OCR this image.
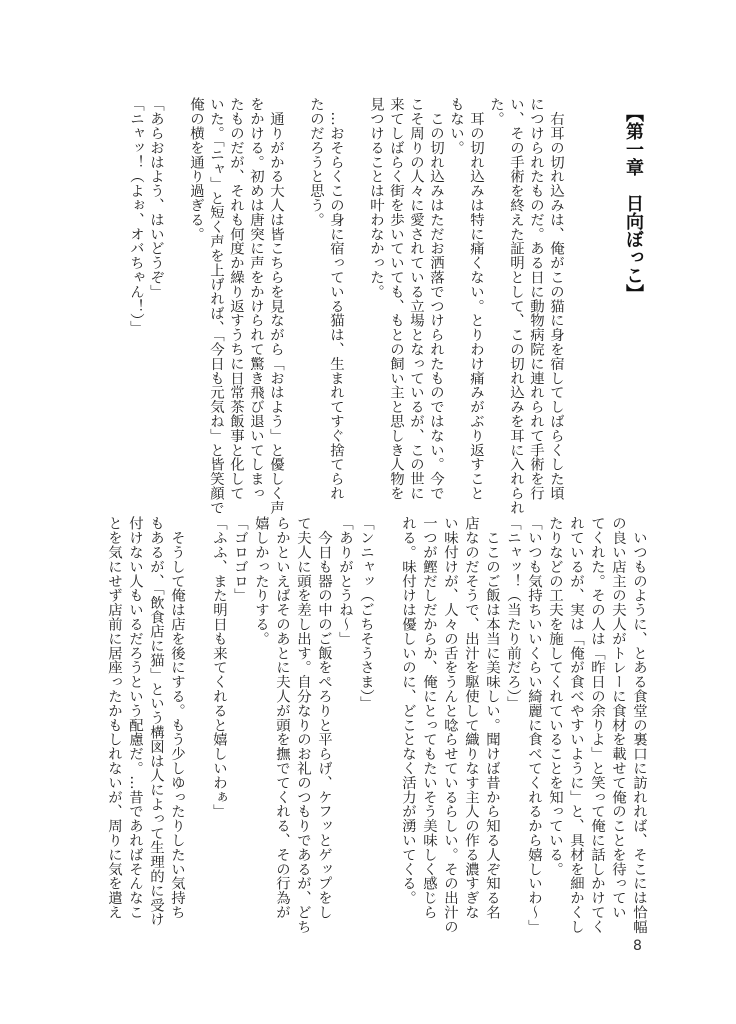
【第一章　日向ぼっこ】
　右耳の切れ込みは、俺がこの猫に身を宿してしばらくした頃
につけられたものだ。ある日に動物病院に連れられて手術を行
い、その手術を終えた証明として、この切れ込みを耳に入れられ
た。
　耳の切れ込みは特に痛くない。とりわけ痛みがぶり返すこと
もない。
　この切れ込みはただお洒落でつけられたものではない。今で
こそ周りの人々に愛されている立場となっているが、この世に
来てしばらく街を歩いていても、もとの飼い主と思しき人物を
見つけることは叶わなかった。
　…おそらくこの身に宿っている猫は、生まれてすぐ捨てられ
たのだろうと思う。
　通りがかる大人は皆こちらを見ながら「おはよう」と優しく声
をかける。初めは唐突に声をかけられて驚き飛び退いてしまっ
たものだが、それも何度か繰り返すうちに日常茶飯事と化して
いた。「ニャ」と短く声を上げれば、「今日も元気ね」と皆笑顔で
俺の横を通り過ぎる。
「あらおはよう、はいどうぞ」
「ニャッ！（よぉ、オバちゃん！）」
　いつものように、とある食堂の裏口に訪れれば、そこには恰幅
の良い店主の夫人がトレーに食材を載せて俺のことを待ってい
てくれた。その人は「昨日の余りよ」と笑って俺に話しかけてく
れているが、実は「俺が食べやすいように」と、具材を細かくし
たりなどの工夫を施してくれていることを知っている。
「いつも気持ちいいくらい綺麗に食べてくれるから嬉しいわ〜」
「ニャッ！（当たり前だろ）」
　ここのご飯は本当に美味しい。聞けば昔から知る人ぞ知る名
店なのだそうで、出汁を駆使して織りなす主人の作る濃すぎな
い味付けが、人々の舌をうんと唸らせているらしい。その出汁の
一つが鰹だしだからか、俺にとってもたいそう美味しく感じら
れる。味付けは優しいのに、どことなく活力が湧いてくる。
「ンニャッ（ごちそうさま）」
「ありがとうね〜」
　今日も器の中のご飯をぺろりと平らげ、ケフッとゲップをし
て夫人に頭を差し出す。自分なりのお礼のつもりであるが、どち
らかといえばそのあとに夫人が頭を撫でてくれる、その行為が
嬉しかったりする。
「ゴロゴロ」
「ふふ、また明日も来てくれると嬉しいわぁ」
　そうして俺は店を後にする。もう少しゆったりしたい気持ち
もあるが、「飲食店に猫」という構図は人によって生理的に受け
付けない人もいるだろうという配慮だ。…昔であればそんなこ
とを気にせず店前に居座ったかもしれないが、周りに気を遣え
8
